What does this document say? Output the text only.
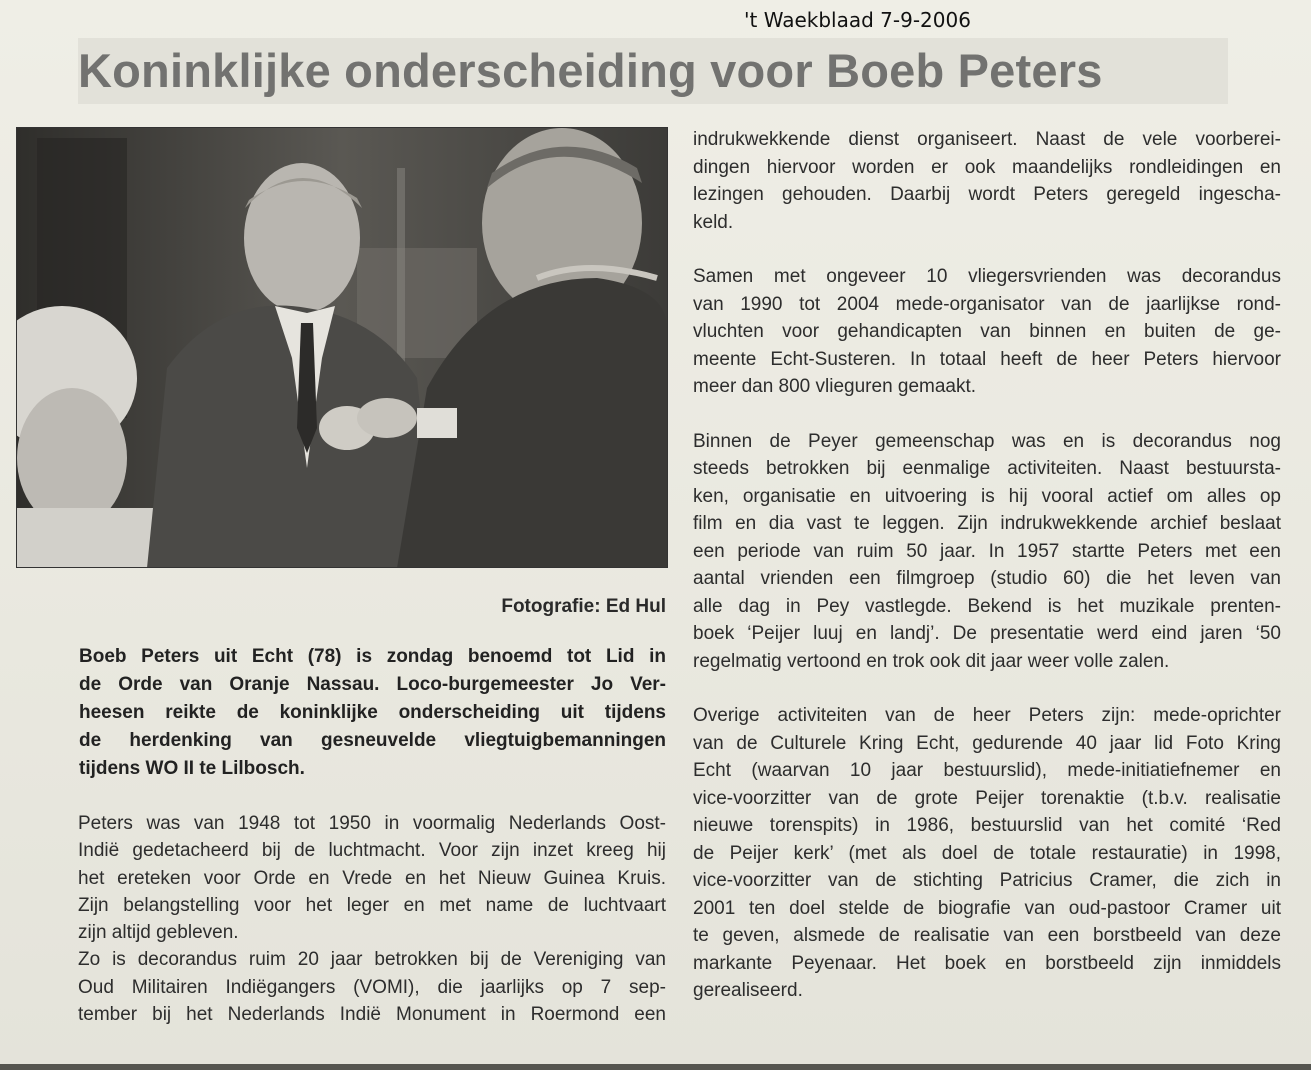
't Waekblaad 7-9-2006
Koninklijke onderscheiding voor Boeb Peters
Fotografie: Ed Hul
Boeb Peters uit Echt (78) is zondag benoemd tot Lid in
de Orde van Oranje Nassau. Loco-burgemeester Jo Ver-
heesen reikte de koninklijke onderscheiding uit tijdens
de herdenking van gesneuvelde vliegtuigbemanningen
tijdens WO II te Lilbosch.
Peters was van 1948 tot 1950 in voormalig Nederlands Oost-
Indië gedetacheerd bij de luchtmacht. Voor zijn inzet kreeg hij
het ereteken voor Orde en Vrede en het Nieuw Guinea Kruis.
Zijn belangstelling voor het leger en met name de luchtvaart
zijn altijd gebleven.
Zo is decorandus ruim 20 jaar betrokken bij de Vereniging van
Oud Militairen Indiëgangers (VOMI), die jaarlijks op 7 sep-
tember bij het Nederlands Indië Monument in Roermond een
indrukwekkende dienst organiseert. Naast de vele voorberei-
dingen hiervoor worden er ook maandelijks rondleidingen en
lezingen gehouden. Daarbij wordt Peters geregeld ingescha-
keld.
Samen met ongeveer 10 vliegersvrienden was decorandus
van 1990 tot 2004 mede-organisator van de jaarlijkse rond-
vluchten voor gehandicapten van binnen en buiten de ge-
meente Echt-Susteren. In totaal heeft de heer Peters hiervoor
meer dan 800 vlieguren gemaakt.
Binnen de Peyer gemeenschap was en is decorandus nog
steeds betrokken bij eenmalige activiteiten. Naast bestuursta-
ken, organisatie en uitvoering is hij vooral actief om alles op
film en dia vast te leggen. Zijn indrukwekkende archief beslaat
een periode van ruim 50 jaar. In 1957 startte Peters met een
aantal vrienden een filmgroep (studio 60) die het leven van
alle dag in Pey vastlegde. Bekend is het muzikale prenten-
boek ‘Peijer luuj en landj’. De presentatie werd eind jaren ‘50
regelmatig vertoond en trok ook dit jaar weer volle zalen.
Overige activiteiten van de heer Peters zijn: mede-oprichter
van de Culturele Kring Echt, gedurende 40 jaar lid Foto Kring
Echt (waarvan 10 jaar bestuurslid), mede-initiatiefnemer en
vice-voorzitter van de grote Peijer torenaktie (t.b.v. realisatie
nieuwe torenspits) in 1986, bestuurslid van het comité ‘Red
de Peijer kerk’ (met als doel de totale restauratie) in 1998,
vice-voorzitter van de stichting Patricius Cramer, die zich in
2001 ten doel stelde de biografie van oud-pastoor Cramer uit
te geven, alsmede de realisatie van een borstbeeld van deze
markante Peyenaar. Het boek en borstbeeld zijn inmiddels
gerealiseerd.
